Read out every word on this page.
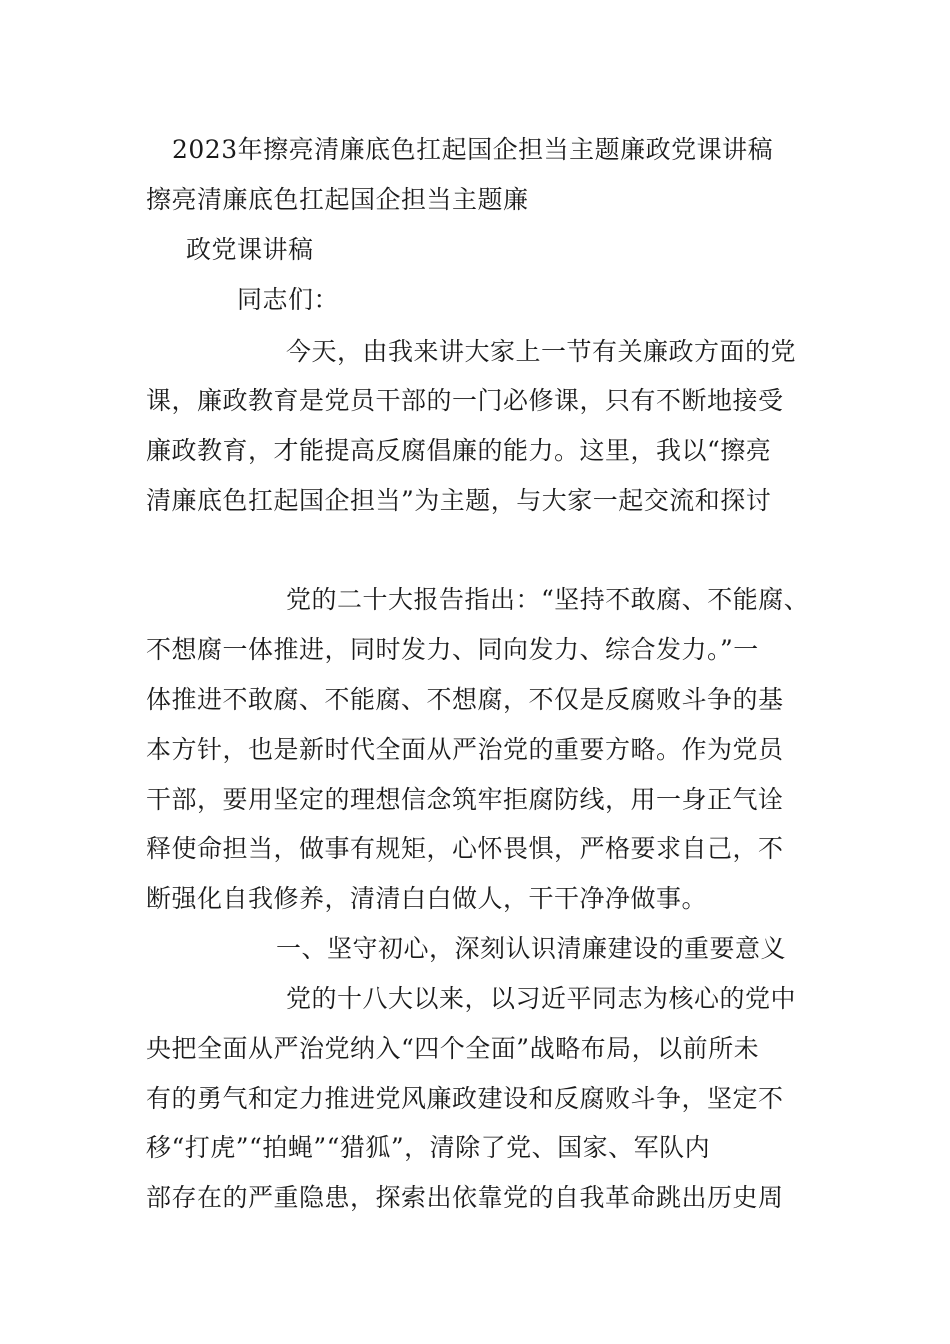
2023年擦亮清廉底色扛起国企担当主题廉政党课讲稿
擦亮清廉底色扛起国企担当主题廉
政党课讲稿
同志们：
今天，由我来讲大家上一节有关廉政方面的党
课，廉政教育是党员干部的一门必修课，只有不断地接受
廉政教育，才能提高反腐倡廉的能力。这里，我以“擦亮
清廉底色扛起国企担当”为主题，与大家一起交流和探讨
党的二十大报告指出：“坚持不敢腐、不能腐、
不想腐一体推进，同时发力、同向发力、综合发力。”一
体推进不敢腐、不能腐、不想腐，不仅是反腐败斗争的基
本方针，也是新时代全面从严治党的重要方略。作为党员
干部，要用坚定的理想信念筑牢拒腐防线，用一身正气诠
释使命担当，做事有规矩，心怀畏惧，严格要求自己，不
断强化自我修养，清清白白做人，干干净净做事。
一、坚守初心，深刻认识清廉建设的重要意义
党的十八大以来，以习近平同志为核心的党中
央把全面从严治党纳入“四个全面”战略布局，以前所未
有的勇气和定力推进党风廉政建设和反腐败斗争，坚定不
移“打虎”“拍蝇”“猎狐”，清除了党、国家、军队内
部存在的严重隐患，探索出依靠党的自我革命跳出历史周
